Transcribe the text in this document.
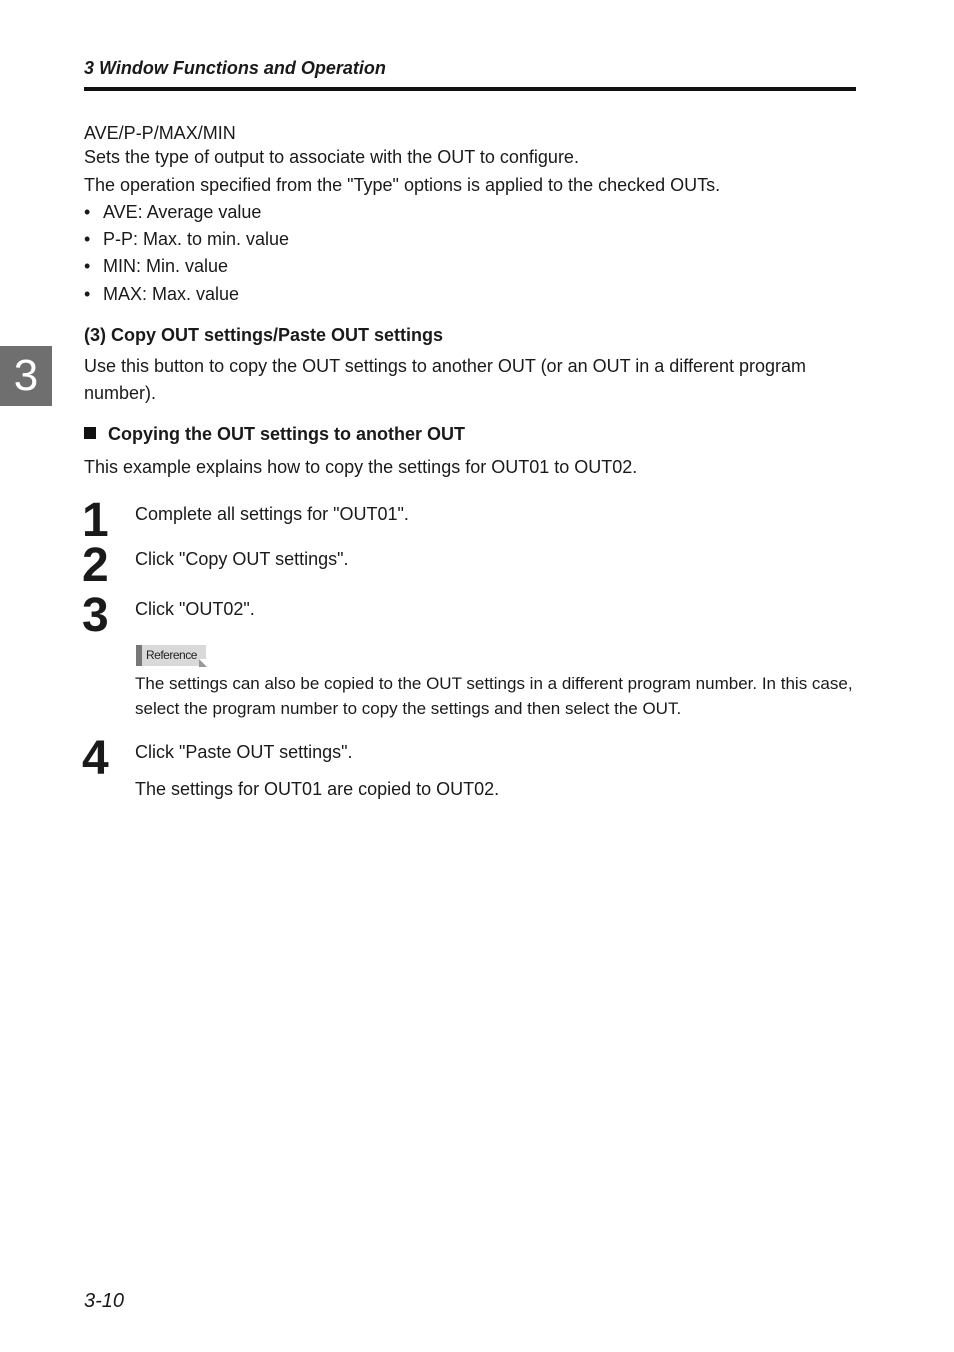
3 Window Functions and Operation
3
AVE/P-P/MAX/MIN
Sets the type of output to associate with the OUT to configure.
The operation specified from the "Type" options is applied to the checked OUTs.
• AVE: Average value
• P-P: Max. to min. value
• MIN: Min. value
• MAX: Max. value
(3) Copy OUT settings/Paste OUT settings
Use this button to copy the OUT settings to another OUT (or an OUT in a different program
number).
Copying the OUT settings to another OUT
This example explains how to copy the settings for OUT01 to OUT02.
1 Complete all settings for "OUT01".
2 Click "Copy OUT settings".
3 Click "OUT02".
Reference
The settings can also be copied to the OUT settings in a different program number. In this case, select the program number to copy the settings and then select the OUT.
4 Click "Paste OUT settings".
The settings for OUT01 are copied to OUT02.
3-10
